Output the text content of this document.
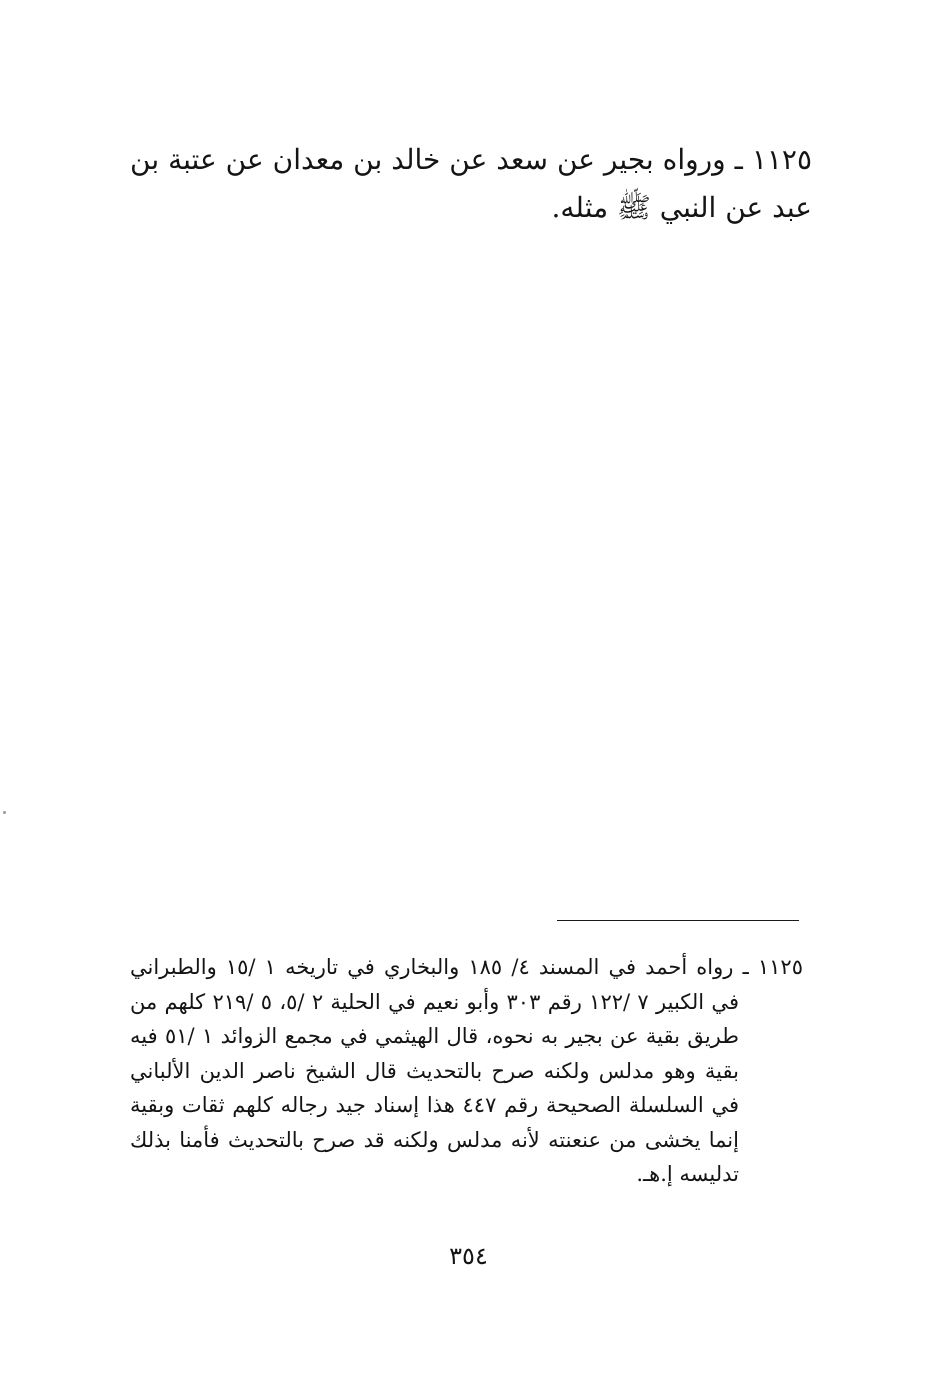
١١٢٥ ـ ورواه بجير عن سعد عن خالد بن معدان عن عتبة بن عبد عن النبي ﷺ مثله.

١١٢٥ ـ رواه أحمد في المسند ٤/ ١٨٥ والبخاري في تاريخه ١ /١٥ والطبراني في الكبير ٧ /١٢٢ رقم ٣٠٣ وأبو نعيم في الحلية ٢ /٥، ٥ /٢١٩ كلهم من طريق بقية عن بجير به نحوه، قال الهيثمي في مجمع الزوائد ١ /٥١ فيه بقية وهو مدلس ولكنه صرح بالتحديث قال الشيخ ناصر الدين الألباني في السلسلة الصحيحة رقم ٤٤٧ هذا إسناد جيد رجاله كلهم ثقات وبقية إنما يخشى من عنعنته لأنه مدلس ولكنه قد صرح بالتحديث فأمنا بذلك تدليسه إ.هـ.

٣٥٤
